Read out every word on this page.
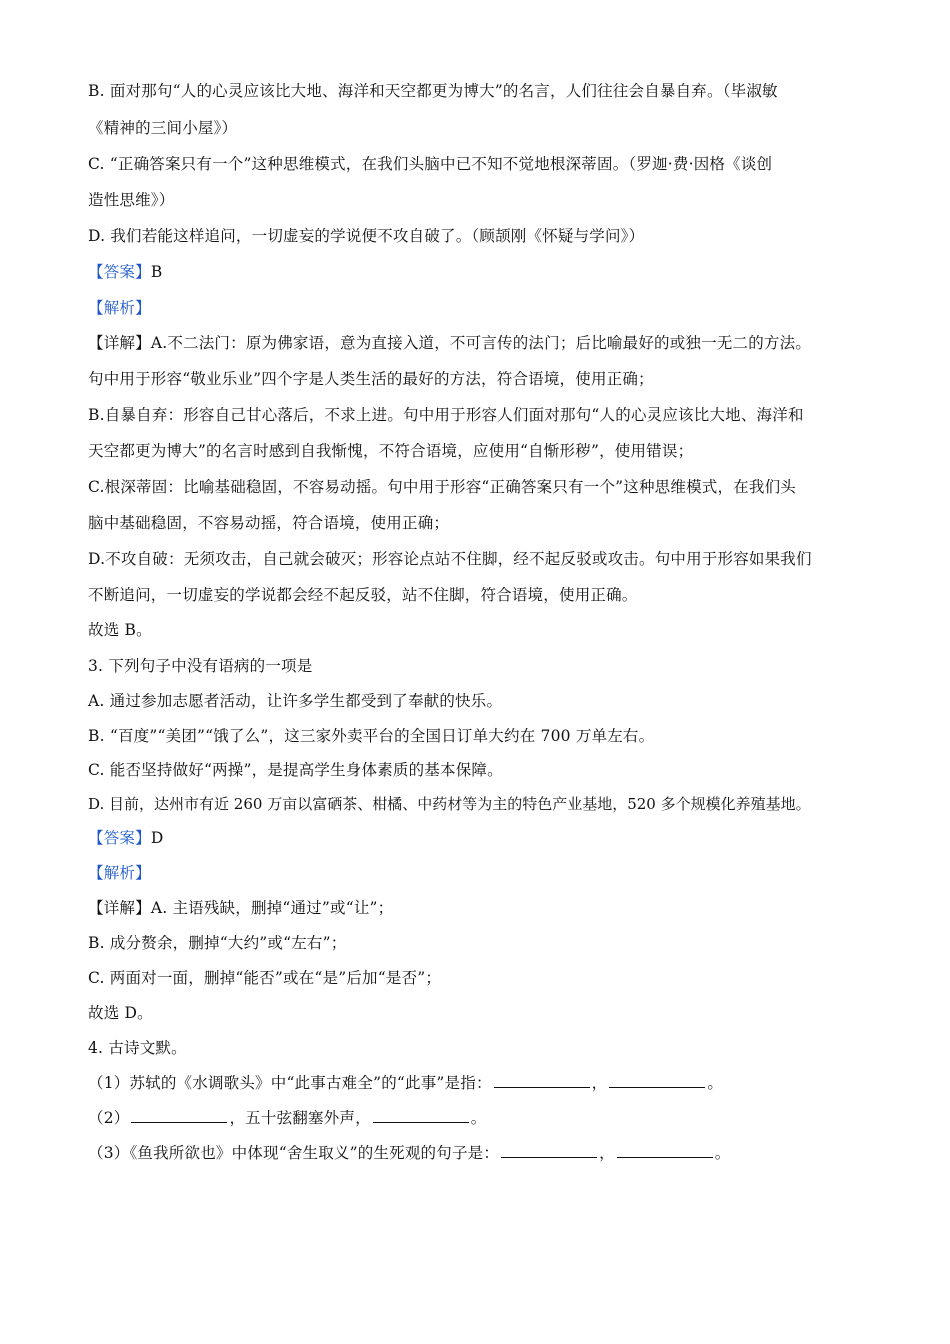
B. 面对那句“人的心灵应该比大地、海洋和天空都更为博大”的名言，人们往往会自暴自弃。（毕淑敏
《精神的三间小屋》）
C. “正确答案只有一个”这种思维模式，在我们头脑中已不知不觉地根深蒂固。（罗迦·费·因格《谈创
造性思维》）
D. 我们若能这样追问，一切虚妄的学说便不攻自破了。（顾颉刚《怀疑与学问》）
【答案】B
【解析】
【详解】A.不二法门：原为佛家语，意为直接入道，不可言传的法门；后比喻最好的或独一无二的方法。
句中用于形容“敬业乐业”四个字是人类生活的最好的方法，符合语境，使用正确；
B.自暴自弃：形容自己甘心落后，不求上进。句中用于形容人们面对那句“人的心灵应该比大地、海洋和
天空都更为博大”的名言时感到自我惭愧，不符合语境，应使用“自惭形秽”，使用错误；
C.根深蒂固：比喻基础稳固，不容易动摇。句中用于形容“正确答案只有一个”这种思维模式，在我们头
脑中基础稳固，不容易动摇，符合语境，使用正确；
D.不攻自破：无须攻击，自己就会破灭；形容论点站不住脚，经不起反驳或攻击。句中用于形容如果我们
不断追问，一切虚妄的学说都会经不起反驳，站不住脚，符合语境，使用正确。
故选 B。
3. 下列句子中没有语病的一项是
A. 通过参加志愿者活动，让许多学生都受到了奉献的快乐。
B. “百度”“美团”“饿了么”，这三家外卖平台的全国日订单大约在 700 万单左右。
C. 能否坚持做好“两操”，是提高学生身体素质的基本保障。
D. 目前，达州市有近 260 万亩以富硒茶、柑橘、中药材等为主的特色产业基地，520 多个规模化养殖基地。
【答案】D
【解析】
【详解】A. 主语残缺，删掉“通过”或“让”；
B. 成分赘余，删掉“大约”或“左右”；
C. 两面对一面，删掉“能否”或在“是”后加“是否”；
故选 D。
4. 古诗文默。
（1）苏轼的《水调歌头》中“此事古难全”的“此事”是指：	，	。
（2）	，五十弦翻塞外声，	。
（3）《鱼我所欲也》中体现“舍生取义”的生死观的句子是：	，	。
